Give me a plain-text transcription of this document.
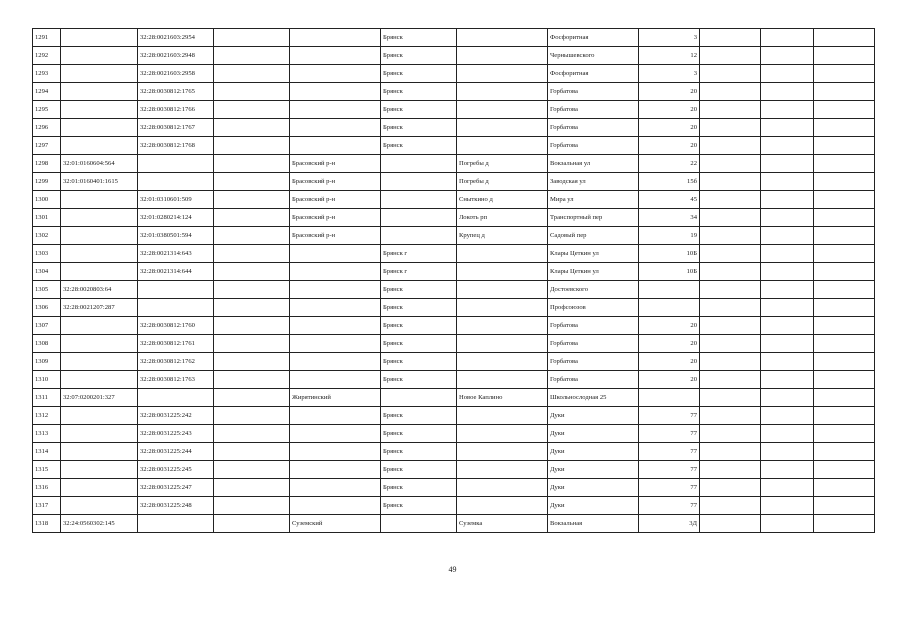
1291		32:28:0021603:2954			Брянск		Фосфоритная	3			
1292		32:28:0021603:2948			Брянск		Чернышевского	12			
1293		32:28:0021603:2958			Брянск		Фосфоритная	3			
1294		32:28:0030812:1765			Брянск		Горбатова	20			
1295		32:28:0030812:1766			Брянск		Горбатова	20			
1296		32:28:0030812:1767			Брянск		Горбатова	20			
1297		32:28:0030812:1768			Брянск		Горбатова	20			
1298	32:01:0160604:564			Брасовский р-н		Погребы д	Вокзальная ул	22			
1299	32:01:0160401:1615			Брасовский р-н		Погребы д	Заводская ул	15б			
1300		32:01:0310601:509		Брасовский р-н		Сныткино д	Мира ул	45			
1301		32:01:0280214:124		Брасовский р-н		Локоть рп	Транспортный пер	34			
1302		32:01:0380501:594		Брасовский р-н		Крупец д	Садовый пер	19			
1303		32:28:0021314:643			Брянск г		Клары Цеткин ул	10Б			
1304		32:28:0021314:644			Брянск г		Клары Цеткин ул	10Б			
1305	32:28:0020803:64				Брянск		Достоевского				
1306	32:28:0021207:287				Брянск		Профсоюзов				
1307		32:28:0030812:1760			Брянск		Горбатова	20			
1308		32:28:0030812:1761			Брянск		Горбатова	20			
1309		32:28:0030812:1762			Брянск		Горбатова	20			
1310		32:28:0030812:1763			Брянск		Горбатова	20			
1311	32:07:0200201:327			Жирятинский		Новое Каплино	Школьнослодная 25				
1312		32:28:0031225:242			Брянск		Дуки	77			
1313		32:28:0031225:243			Брянск		Дуки	77			
1314		32:28:0031225:244			Брянск		Дуки	77			
1315		32:28:0031225:245			Брянск		Дуки	77			
1316		32:28:0031225:247			Брянск		Дуки	77			
1317		32:28:0031225:248			Брянск		Дуки	77			
1318	32:24:0560302:145			Суземский		Суземка	Вокзальная	3Д			
49
